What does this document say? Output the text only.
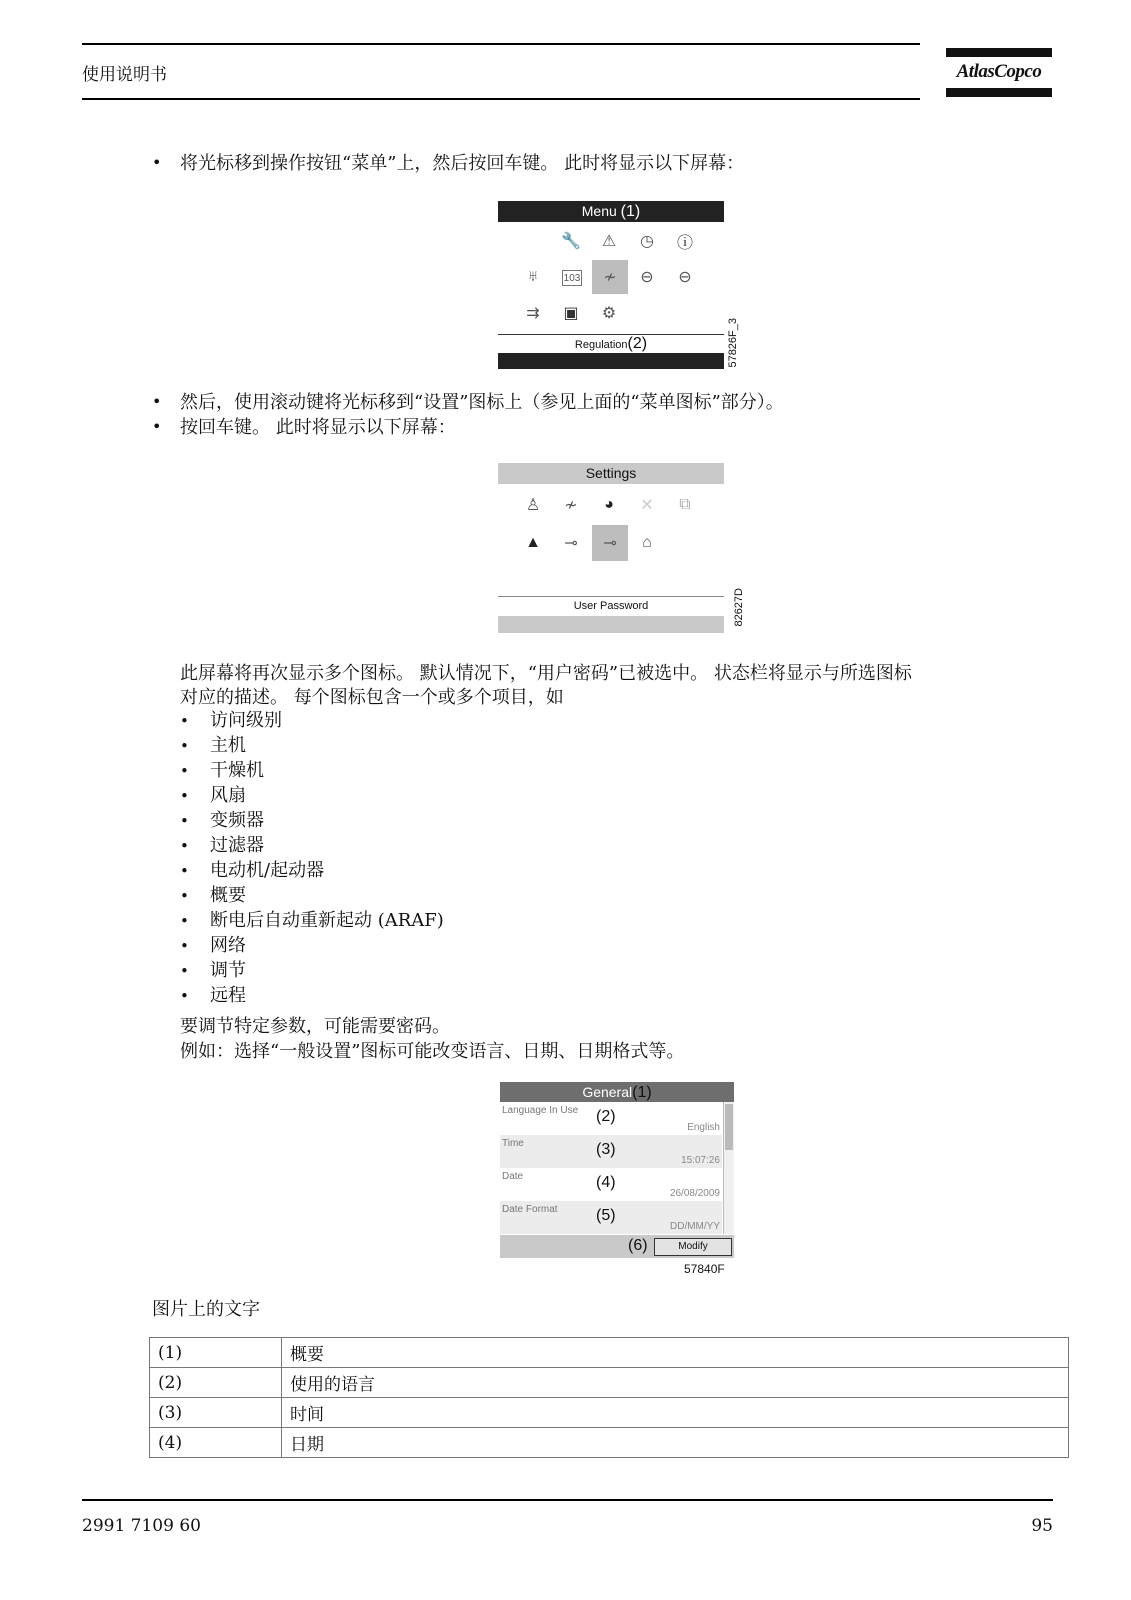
使用说明书	AtlasCopco
• 将光标移到操作按钮“菜单”上，然后按回车键。 此时将显示以下屏幕：
Menu (1)
🔧 ⚠ ◷ ⓘ
♅	103	≁	⊖ ⊖
⇉ ▣ ⚙
Regulation(2)	57826F_3
• 然后，使用滚动键将光标移到“设置”图标上（参见上面的“菜单图标”部分）。
• 按回车键。 此时将显示以下屏幕：
Settings
♙ ≁	◕	✕	⧉
▲ ⊸	⊸	⌂
User Password	82627D
此屏幕将再次显示多个图标。 默认情况下，“用户密码”已被选中。 状态栏将显示与所选图标
对应的描述。 每个图标包含一个或多个项目，如
• 访问级别
• 主机
• 干燥机
• 风扇
• 变频器
• 过滤器
• 电动机/起动器
• 概要
• 断电后自动重新起动 (ARAF)
• 网络
• 调节
• 远程
要调节特定参数，可能需要密码。
例如：选择“一般设置”图标可能改变语言、日期、日期格式等。
General(1)
Language In Use (2)
English
Time	(3)
15:07:26
Date	(4)
26/08/2009
Date Format (5)
DD/MM/YY
(6)	Modify
57840F
图片上的文字
(1)	概要
(2)	使用的语言
(3)	时间
(4)	日期
2991 7109 60	95
